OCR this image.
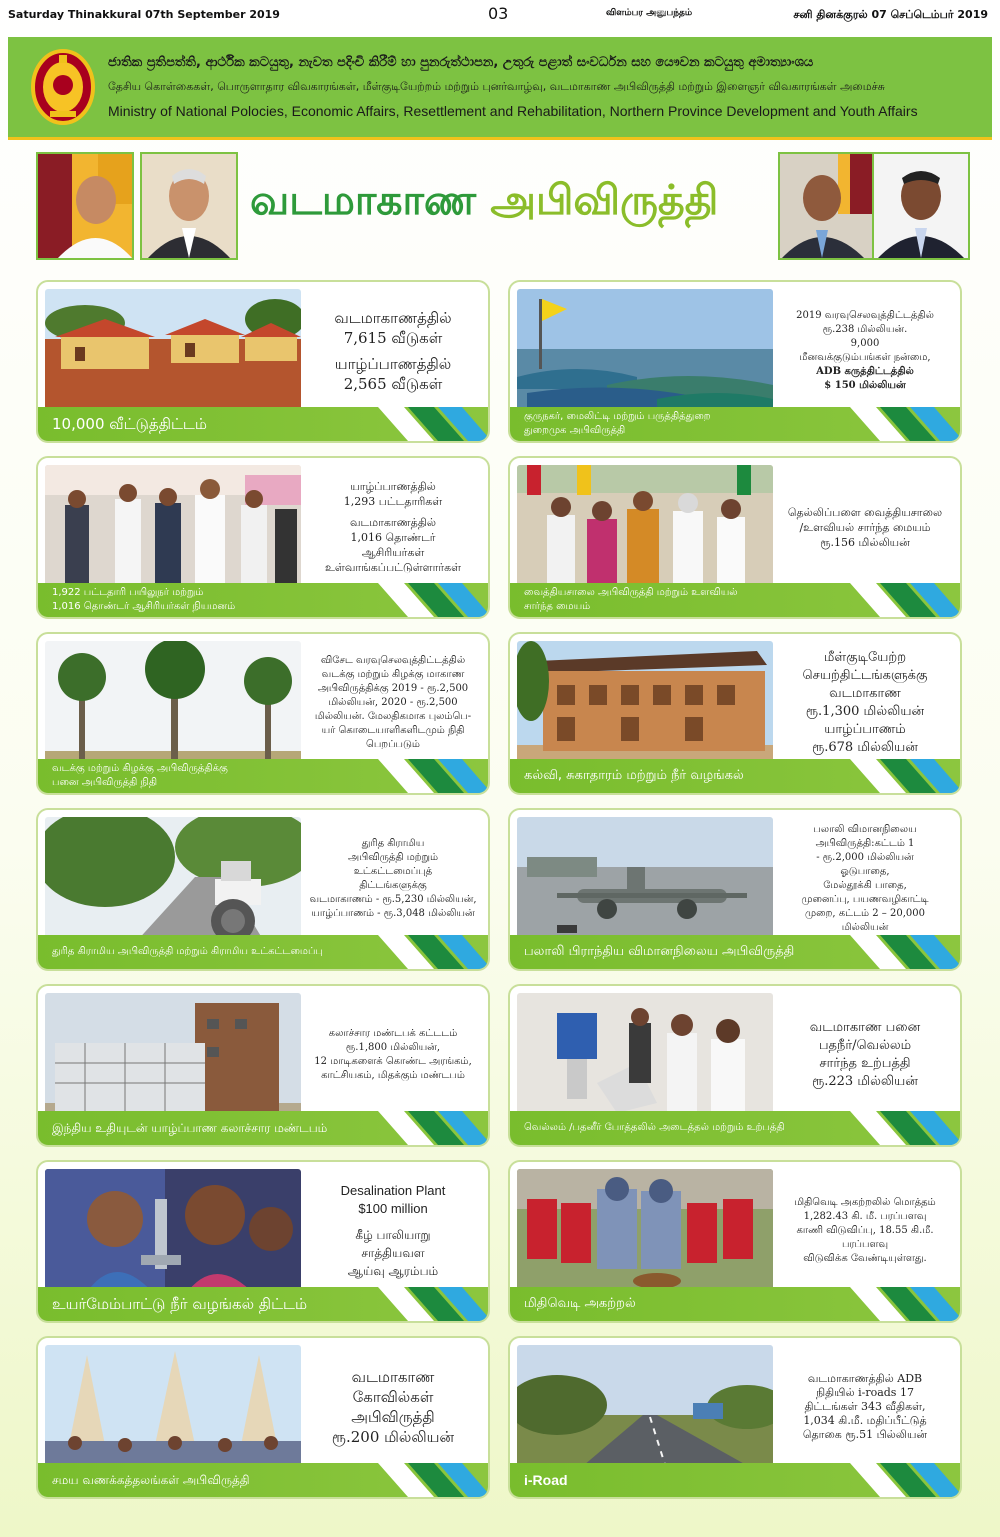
Saturday Thinakkural 07th September 2019	03	விளம்பர அனுபந்தம்	சனி தினக்குரல் 07 செப்டெம்பர் 2019
ජාතික ප්‍රතිපත්ති, ආර්ථික කටයුතු, නැවත පදිංචි කිරීම් හා පුනරුත්ථාපන, උතුරු පළාත් සංවර්ධන සහ යෞවන කටයුතු අමාත්‍යාංශය
தேசிய கொள்கைகள், பொருளாதார விவகாரங்கள், மீள்குடியேற்றம் மற்றும் புனர்வாழ்வு, வடமாகாண அபிவிருத்தி மற்றும் இளைஞர் விவகாரங்கள் அமைச்சு
Ministry of National Polocies, Economic Affairs, Resettlement and Rehabilitation, Northern Province Development and Youth Affairs
வடமாகாண அபிவிருத்தி
வடமாகாணத்தில்
7,615 வீடுகள்
யாழ்ப்பாணத்தில்
2,565 வீடுகள்
10,000 வீட்டுத்திட்டம்
2019 வரவுசெலவுத்திட்டத்தில்
ரூ.238 மில்லியன்.
9,000
மீனவக்குடும்பங்கள் நன்மை,
ADB கருத்திட்டத்தில்
$ 150 மில்லியன்
குருநகர், மைலிட்டி மற்றும் பருத்தித்துறை
துறைமுக அபிவிருத்தி
யாழ்ப்பாணத்தில்
1,293 பட்டதாரிகள்
வடமாகாணத்தில்
1,016 தொண்டர்
ஆசிரியர்கள்
உள்வாங்கப்பட்டுள்ளார்கள்
1,922 பட்டதாரி பயிலுநர் மற்றும்
1,016 தொண்டர் ஆசிரியர்கள் நியமனம்
தெல்லிப்பளை வைத்தியசாலை
/உளவியல் சார்ந்த மையம்
ரூ.156 மில்லியன்
வைத்தியசாலை அபிவிருத்தி மற்றும் உளவியல்
சார்ந்த மையம்
விசேட வரவுசெலவுத்திட்டத்தில்
வடக்கு மற்றும் கிழக்கு மாகாண
அபிவிருத்திக்கு 2019 - ரூ.2,500
மில்லியன், 2020 - ரூ.2,500
மில்லியன். மேலதிகமாக புலம்பெ-
யர் கொடையாளிகளிடமும் நிதி
பெறப்படும்
வடக்கு மற்றும் கிழக்கு அபிவிருத்திக்கு
பனை அபிவிருத்தி நிதி
மீள்குடியேற்ற
செயற்திட்டங்களுக்கு
வடமாகாண
ரூ.1,300 மில்லியன்
யாழ்ப்பாணம்
ரூ.678 மில்லியன்
கல்வி, சுகாதாரம் மற்றும் நீர் வழங்கல்
துரித கிராமிய
அபிவிருத்தி மற்றும்
உட்கட்டமைப்புத்
திட்டங்களுக்கு
வடமாகாணம் - ரூ.5,230 மில்லியன்,
யாழ்ப்பாணம் - ரூ.3,048 மில்லியன்
துரித கிராமிய அபிவிருத்தி மற்றும் கிராமிய உட்கட்டமைப்பு
பலாலி விமானநிலைய
அபிவிருத்தி:கட்டம் 1
- ரூ.2,000 மில்லியன்
ஓடுபாதை,
மேல்தூக்கி பாதை,
முனைப்பு, பயணவழிகாட்டி
முறை, கட்டம் 2 – 20,000
மில்லியன்
பலாலி பிராந்திய விமானநிலைய அபிவிருத்தி
கலாச்சார மண்டபக் கட்டடம்
ரூ.1,800 மில்லியன்,
12 மாடிகளைக் கொண்ட அரங்கம்,
காட்சியகம், மிதக்கும் மண்டபம்
இந்திய உதியுடன் யாழ்ப்பாண கலாச்சார மண்டபம்
வடமாகாண பனை
பதநீர்/வெல்லம்
சார்ந்த உற்பத்தி
ரூ.223 மில்லியன்
வெல்லம் /பதனீர் போத்தலில் அடைத்தல் மற்றும் உற்பத்தி
Desalination Plant
$100 million
கீழ் பாலியாறு
சாத்தியவள
ஆய்வு ஆரம்பம்
உயர்மேம்பாட்டு நீர் வழங்கல் திட்டம்
மிதிவெடி அகற்றலில் மொத்தம்
1,282.43 கி. மீ. பரப்பளவு
காணி விடுவிப்பு, 18.55 கி.மீ.
பரப்பளவு
விடுவிக்க வேண்டியுள்ளது.
மிதிவெடி அகற்றல்
வடமாகாண
கோவில்கள்
அபிவிருத்தி
ரூ.200 மில்லியன்
சமய வணக்கத்தலங்கள் அபிவிருத்தி
வடமாகாணத்தில் ADB
நிதியில் i-roads 17
திட்டங்கள் 343 வீதிகள்,
1,034 கி.மீ. மதிப்பீட்டுத்
தொகை ரூ.51 பில்லியன்
i-Road
